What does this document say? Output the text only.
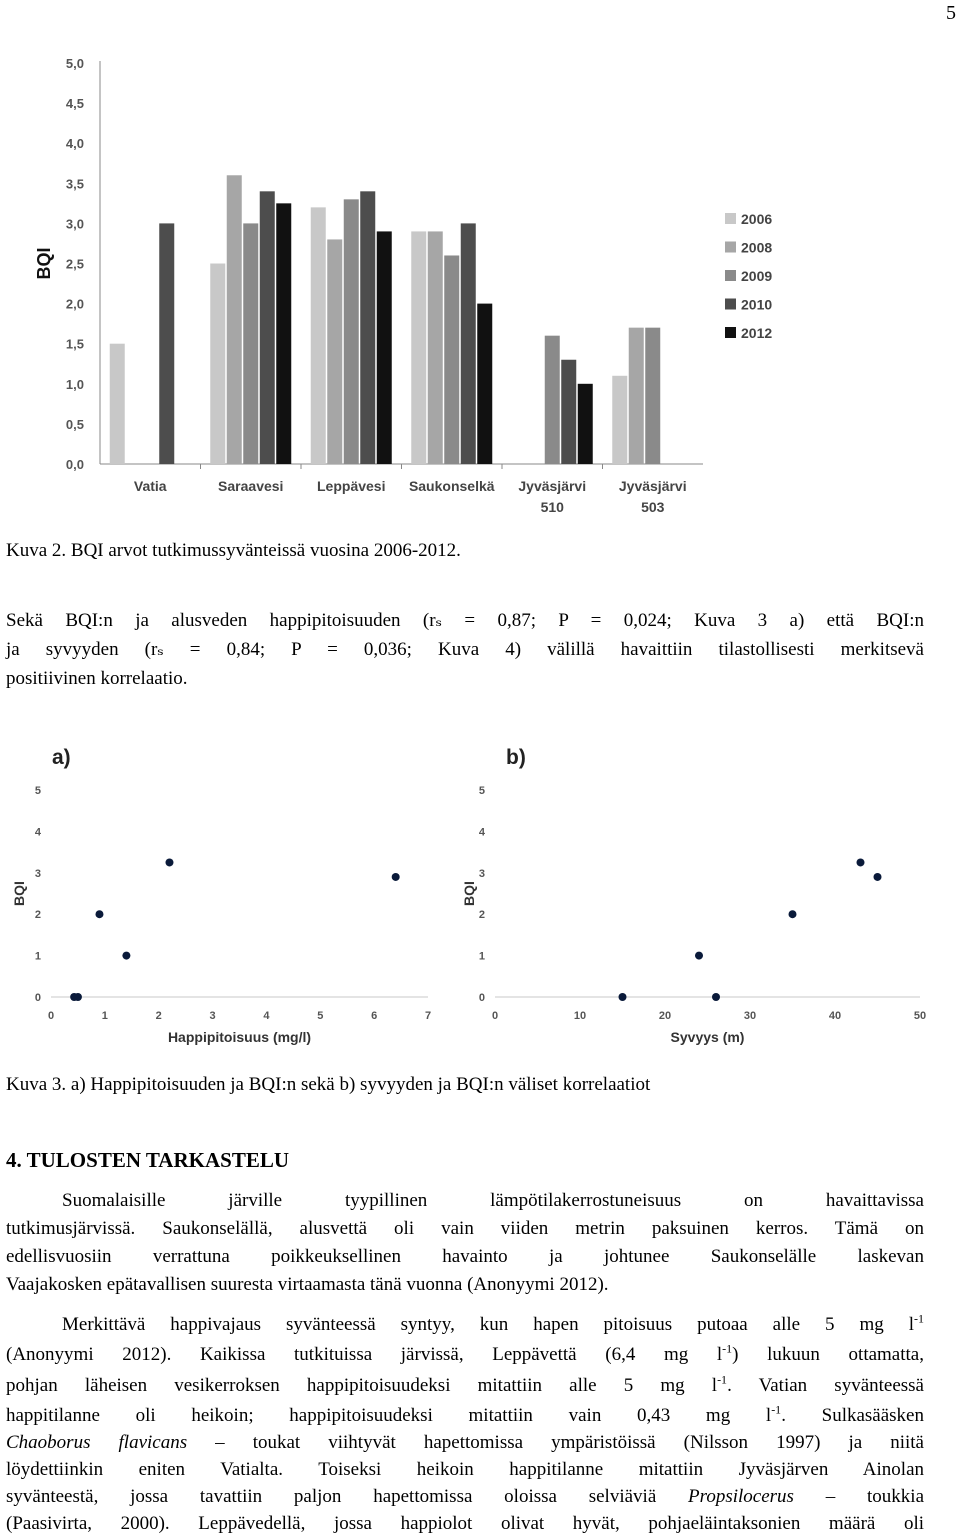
5
0,0
0,5
1,0
1,5
2,0
2,5
3,0
3,5
4,0
4,5
5,0
BQI
Vatia	Saraavesi Leppävesi Saukonselkä Jyväsjärvi
510
Jyväsjärvi
503
2006
2008
2009
2010
2012
Kuva 2. BQI arvot tutkimussyvänteissä vuosina 2006-2012.
Sekä BQI:n ja alusveden happipitoisuuden (rₛ = 0,87; P = 0,024; Kuva 3 a) että BQI:n
ja syvyyden (rₛ = 0,84; P = 0,036; Kuva 4) välillä havaittiin tilastollisesti merkitsevä
positiivinen korrelaatio.
a)
0
1
2
3
4
5
0	1	2	3	4	5	6	7
Happipitoisuus (mg/l)
BQI
b)
0
1
2
3
4
5
0	10	20	30	40	50
Syvyys (m)
BQI
Kuva 3. a) Happipitoisuuden ja BQI:n sekä b) syvyyden ja BQI:n väliset korrelaatiot
4. TULOSTEN TARKASTELU
Suomalaisille järville tyypillinen lämpötilakerrostuneisuus on havaittavissa
tutkimusjärvissä. Saukonselällä, alusvettä oli vain viiden metrin paksuinen kerros. Tämä on
edellisvuosiin verrattuna poikkeuksellinen havainto ja johtunee Saukonselälle laskevan
Vaajakosken epätavallisen suuresta virtaamasta tänä vuonna (Anonyymi 2012).
Merkittävä happivajaus syvänteessä syntyy, kun hapen pitoisuus putoaa alle 5 mg $l^{-1}$
(Anonyymi 2012). Kaikissa tutkituissa järvissä, Leppävettä (6,4 mg $l^{-1}$) lukuun ottamatta,
pohjan läheisen vesikerroksen happipitoisuudeksi mitattiin alle 5 mg $l^{-1}$. Vatian syvänteessä
happitilanne oli heikoin; happipitoisuudeksi mitattiin vain 0,43 mg $l^{-1}$. Sulkasääsken
Chaoborus flavicans – toukat viihtyvät hapettomissa ympäristöissä (Nilsson 1997) ja niitä
löydettiinkin eniten Vatialta. Toiseksi heikoin happitilanne mitattiin Jyväsjärven Ainolan
syvänteestä, jossa tavattiin paljon hapettomissa oloissa selviäviä Propsilocerus – toukkia
(Paasivirta, 2000). Leppävedellä, jossa happiolot olivat hyvät, pohjaeläintaksonien määrä oli
